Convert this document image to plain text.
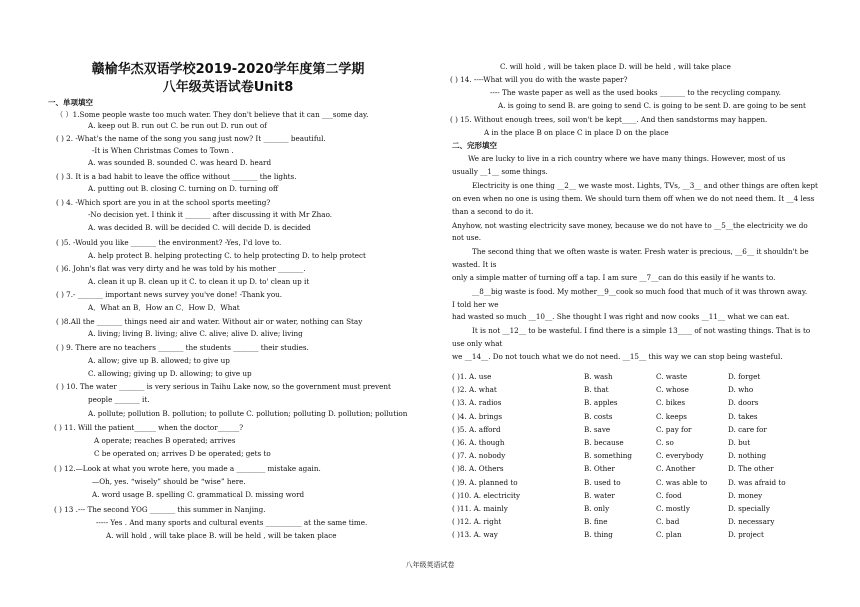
赣榆华杰双语学校2019-2020学年度第二学期
八年级英语试卷Unit8
一、单项填空
（ ）1.Some people waste too much water. They don't believe that it can ___some day.
A. keep out B. run out C. be run out D. run out of
( ) 2. -What's the name of the song you sang just now? It _______ beautiful.
-It is When Christmas Comes to Town .
A. was sounded B. sounded C. was heard D. heard
( ) 3. It is a bad habit to leave the office without _______ the lights.
A. putting out B. closing C. turning on D. turning off
( ) 4. -Which sport are you in at the school sports meeting?
-No decision yet. I think it _______ after discussing it with Mr Zhao.
A. was decided B. will be decided C. will decide D. is decided
( )5. -Would you like _______ the environment? -Yes, I'd love to.
A. help protect B. helping protecting C. to help protecting D. to help protect
( )6. John's flat was very dirty and he was told by his mother _______.
A. clean it up B. clean up it C. to clean it up D. to' clean up it
( ) 7.- _______ important news survey you've done! -Thank you.
A．What an B．How an C．How D．What
( )8.All the _______ things need air and water. Without air or water, nothing can Stay
A. living; living B. living; alive C. alive; alive D. alive; living
( ) 9. There are no teachers _______ the students _______ their studies.
A. allow; give up B. allowed; to give up
C. allowing; giving up D. allowing; to give up
( ) 10. The water _______ is very serious in Taihu Lake now, so the government must prevent
people _______ it.
A. pollute; pollution B. pollution; to pollute C. pollution; polluting D. pollution; pollution
( ) 11. Will the patient______ when the doctor______?
A operate; reaches B operated; arrives
C be operated on; arrives D be operated; gets to
( ) 12.—Look at what you wrote here, you made a ________ mistake again.
—Oh, yes. “wisely” should be “wise” here.
A. word usage B. spelling C. grammatical D. missing word
( ) 13 .--- The second YOG _______ this summer in Nanjing.
----- Yes . And many sports and cultural events __________ at the same time.
A. will hold , will take place B. will be held , will be taken place
C. will hold , will be taken place D. will be held , will take place
( ) 14. ----What will you do with the waste paper?
---- The waste paper as well as the used books _______ to the recycling company.
A. is going to send B. are going to send C. is going to be sent D. are going to be sent
( ) 15. Without enough trees, soil won't be kept____. And then sandstorms may happen.
A in the place B on place C in place D on the place
二、完形填空
We are lucky to live in a rich country where we have many things. However, most of us
usually __1__ some things.
Electricity is one thing __2__ we waste most. Lights, TVs, __3__ and other things are often kept
on even when no one is using them. We should turn them off when we do not need them. It __4 less
than a second to do it.
Anyhow, not wasting electricity save money, because we do not have to __5__the electricity we do
not use.
The second thing that we often waste is water. Fresh water is precious, __6__ it shouldn't be
wasted. It is
only a simple matter of turning off a tap. I am sure __7__can do this easily if he wants to.
__8__big waste is food. My mother__9__cook so much food that much of it was thrown away.
I told her we
had wasted so much __10__. She thought I was right and now cooks __11__ what we can eat.
It is not __12__ to be wasteful. I find there is a simple 13____ of not wasting things. That is to
use only what
we __14__. Do not touch what we do not need. __15__ this way we can stop being wasteful.
( )1. A. use	B. wash	C. waste	D. forget
( )2. A. what	B. that	C. whose	D. who
( )3. A. radios	B. apples	C. bikes	D. doors
( )4. A. brings	B. costs	C. keeps	D. takes
( )5. A. afford	B. save	C. pay for	D. care for
( )6. A. though	B. because	C. so	D. but
( )7. A. nobody	B. something	C. everybody	D. nothing
( )8. A. Others	B. Other	C. Another	D. The other
( )9. A. planned to	B. used to	C. was able to	D. was afraid to
( )10. A. electricity	B. water	C. food	D. money
( )11. A. mainly	B. only	C. mostly	D. specially
( )12. A. right	B. fine	C. bad	D. necessary
( )13. A. way	B. thing	C. plan	D. project
八年级英语试卷
